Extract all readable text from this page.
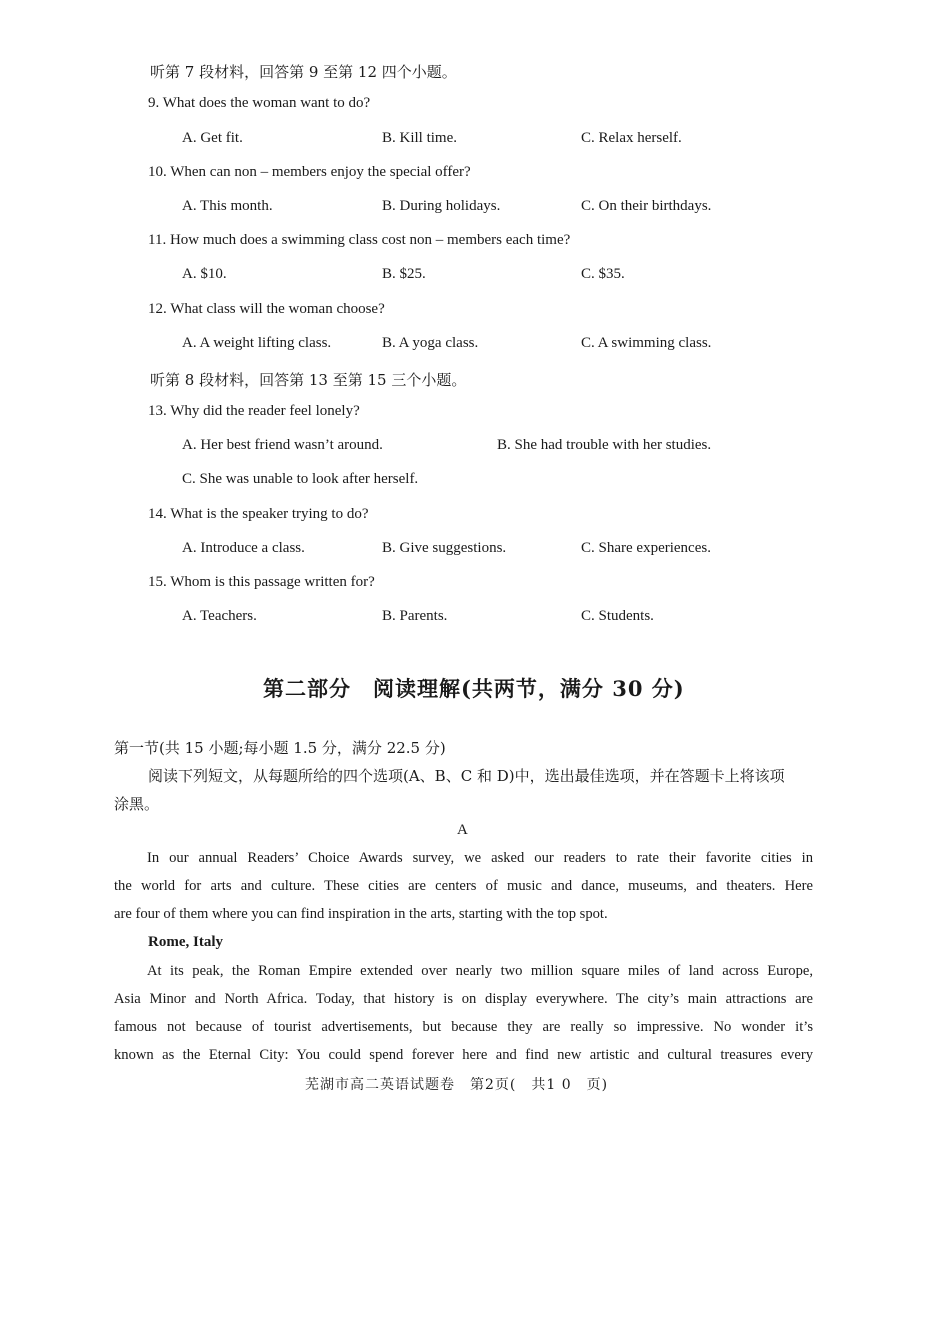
听第 7 段材料，回答第 9 至第 12 四个小题。
9. What does the woman want to do?
A. Get fit.	B. Kill time.	C. Relax herself.
10. When can non – members enjoy the special offer?
A. This month.	B. During holidays.	C. On their birthdays.
11. How much does a swimming class cost non – members each time?
A. $10.	B. $25.	C. $35.
12. What class will the woman choose?
A. A weight lifting class.	B. A yoga class.	C. A swimming class.
听第 8 段材料，回答第 13 至第 15 三个小题。
13. Why did the reader feel lonely?
A. Her best friend wasn’t around.	B. She had trouble with her studies.
C. She was unable to look after herself.
14. What is the speaker trying to do?
A. Introduce a class.	B. Give suggestions.	C. Share experiences.
15. Whom is this passage written for?
A. Teachers.	B. Parents.	C. Students.
第二部分　阅读理解(共两节，满分 30 分)
第一节(共 15 小题;每小题 1.5 分，满分 22.5 分)
阅读下列短文，从每题所给的四个选项(A、B、C 和 D)中，选出最佳选项，并在答题卡上将该项
涂黑。
A
In our annual Readers’ Choice Awards survey, we asked our readers to rate their favorite cities in
the world for arts and culture. These cities are centers of music and dance, museums, and theaters. Here
are four of them where you can find inspiration in the arts, starting with the top spot.
Rome, Italy
At its peak, the Roman Empire extended over nearly two million square miles of land across Europe,
Asia Minor and North Africa. Today, that history is on display everywhere. The city’s main attractions are
famous not because of tourist advertisements, but because they are really so impressive. No wonder it’s
known as the Eternal City: You could spend forever here and find new artistic and cultural treasures every
芜湖市高二英语试题卷　第2页(　共1 0　页)
